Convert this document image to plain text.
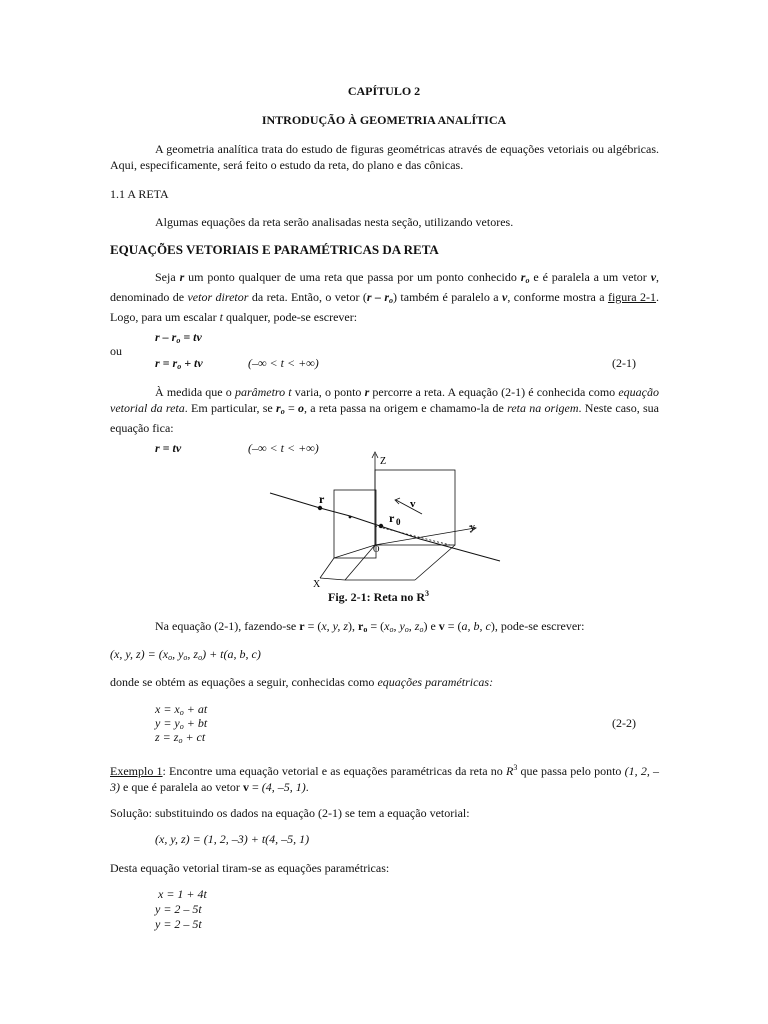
CAPÍTULO 2
INTRODUÇÃO À GEOMETRIA ANALÍTICA
A geometria analítica trata do estudo de figuras geométricas através de equações vetoriais ou algébricas. Aqui, especificamente, será feito o estudo da reta, do plano e das cônicas.
1.1 A RETA
Algumas equações da reta serão analisadas nesta seção, utilizando vetores.
EQUAÇÕES VETORIAIS E PARAMÉTRICAS DA RETA
Seja r um ponto qualquer de uma reta que passa por um ponto conhecido $r_o$ e é paralela a um vetor v, denominado de vetor diretor da reta. Então, o vetor $(r - r_o)$ também é paralelo a v, conforme mostra a figura 2-1. Logo, para um escalar t qualquer, pode-se escrever:
r – $r_o$ = tv
ou
$r = r_o$ + tv	(–∞ < t < +∞)	(2-1)
À medida que o parâmetro t varia, o ponto r percorre a reta. A equação (2-1) é conhecida como equação vetorial da reta. Em particular, se $r_o = o$, a reta passa na origem e chamamo-la de reta na origem. Neste caso, sua equação fica:
r = tv	(–∞ < t < +∞)
Z
y
X
O
r
r 0
v
Fig. 2-1: Reta no $R^3$
Na equação (2-1), fazendo-se r = (x, y, z), $r_o = (x_o$, $y_o$, $z_o$) e v = (a, b, c), pode-se escrever:
(x, y, $z) = (x_o$, $y_o$, $z_o) + t(a$, b, c)
donde se obtém as equações a seguir, conhecidas como equações paramétricas:
$x = x_o$ + at
$y = y_o$ + bt
$z = z_o$ + ct
(2-2)
Exemplo 1: Encontre uma equação vetorial e as equações paramétricas da reta no $R^3$ que passa pelo ponto (1, 2, –3) e que é paralela ao vetor v = (4, –5, 1).
Solução: substituindo os dados na equação (2-1) se tem a equação vetorial:
(x, y, z) = (1, 2, –3) + t(4, –5, 1)
Desta equação vetorial tiram-se as equações paramétricas:
x = 1 + 4t
y = 2 – 5t
y = 2 – 5t
